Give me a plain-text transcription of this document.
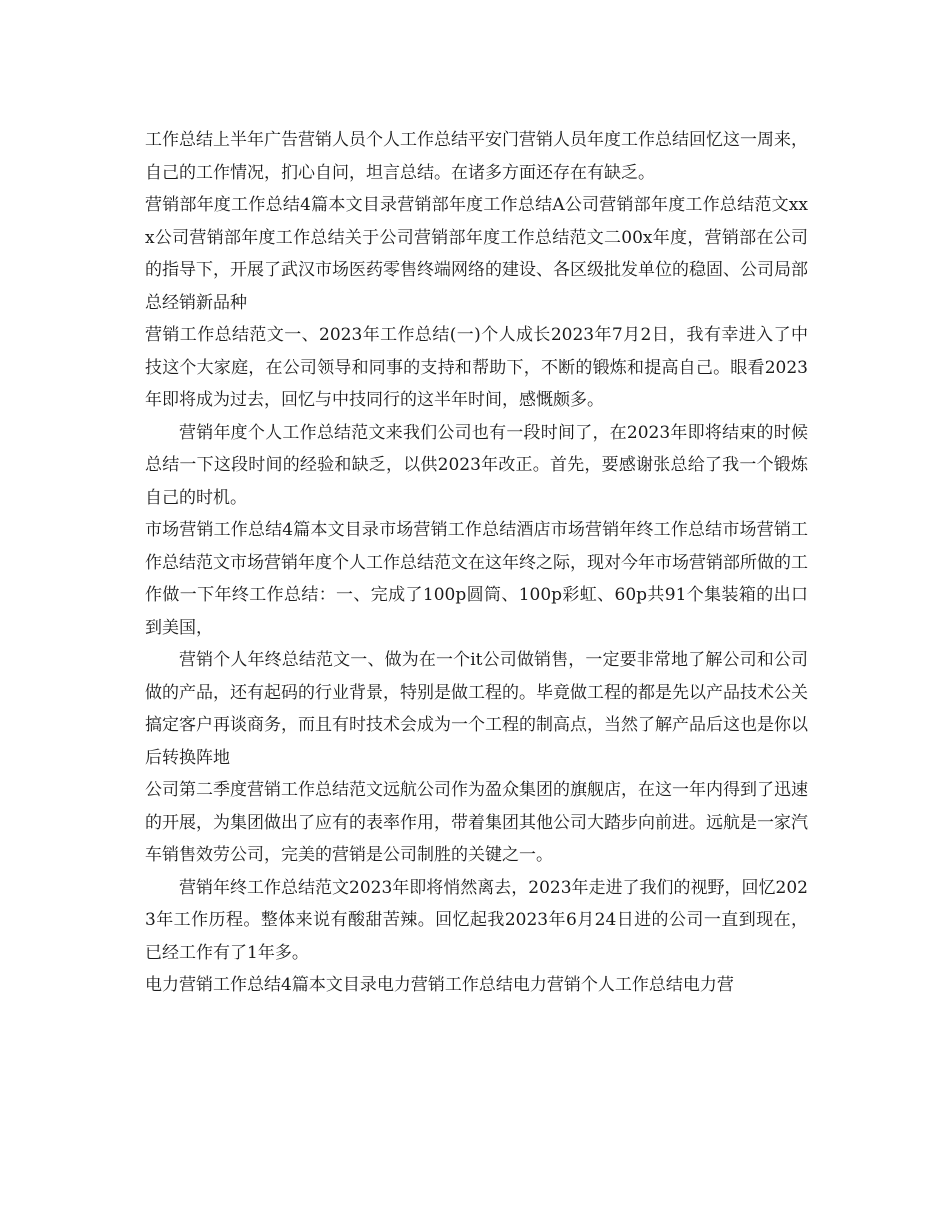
工作总结上半年广告营销人员个人工作总结平安门营销人员年度工作总结回忆这一周来，自己的工作情况，扪心自问，坦言总结。在诸多方面还存在有缺乏。

营销部年度工作总结4篇本文目录营销部年度工作总结A公司营销部年度工作总结范文xxx公司营销部年度工作总结关于公司营销部年度工作总结范文二00x年度，营销部在公司的指导下，开展了武汉市场医药零售终端网络的建设、各区级批发单位的稳固、公司局部总经销新品种

营销工作总结范文一、2023年工作总结(一)个人成长2023年7月2日，我有幸进入了中技这个大家庭，在公司领导和同事的支持和帮助下，不断的锻炼和提高自己。眼看2023年即将成为过去，回忆与中技同行的这半年时间，感慨颇多。

营销年度个人工作总结范文来我们公司也有一段时间了，在2023年即将结束的时候总结一下这段时间的经验和缺乏，以供2023年改正。首先，要感谢张总给了我一个锻炼自己的时机。

市场营销工作总结4篇本文目录市场营销工作总结酒店市场营销年终工作总结市场营销工作总结范文市场营销年度个人工作总结范文在这年终之际，现对今年市场营销部所做的工作做一下年终工作总结：一、完成了100p圆筒、100p彩虹、60p共91个集装箱的出口到美国，

营销个人年终总结范文一、做为在一个it公司做销售，一定要非常地了解公司和公司做的产品，还有起码的行业背景，特别是做工程的。毕竟做工程的都是先以产品技术公关搞定客户再谈商务，而且有时技术会成为一个工程的制高点，当然了解产品后这也是你以后转换阵地

公司第二季度营销工作总结范文远航公司作为盈众集团的旗舰店，在这一年内得到了迅速的开展，为集团做出了应有的表率作用，带着集团其他公司大踏步向前进。远航是一家汽车销售效劳公司，完美的营销是公司制胜的关键之一。

营销年终工作总结范文2023年即将悄然离去，2023年走进了我们的视野，回忆2023年工作历程。整体来说有酸甜苦辣。回忆起我2023年6月24日进的公司一直到现在，已经工作有了1年多。

电力营销工作总结4篇本文目录电力营销工作总结电力营销个人工作总结电力营
